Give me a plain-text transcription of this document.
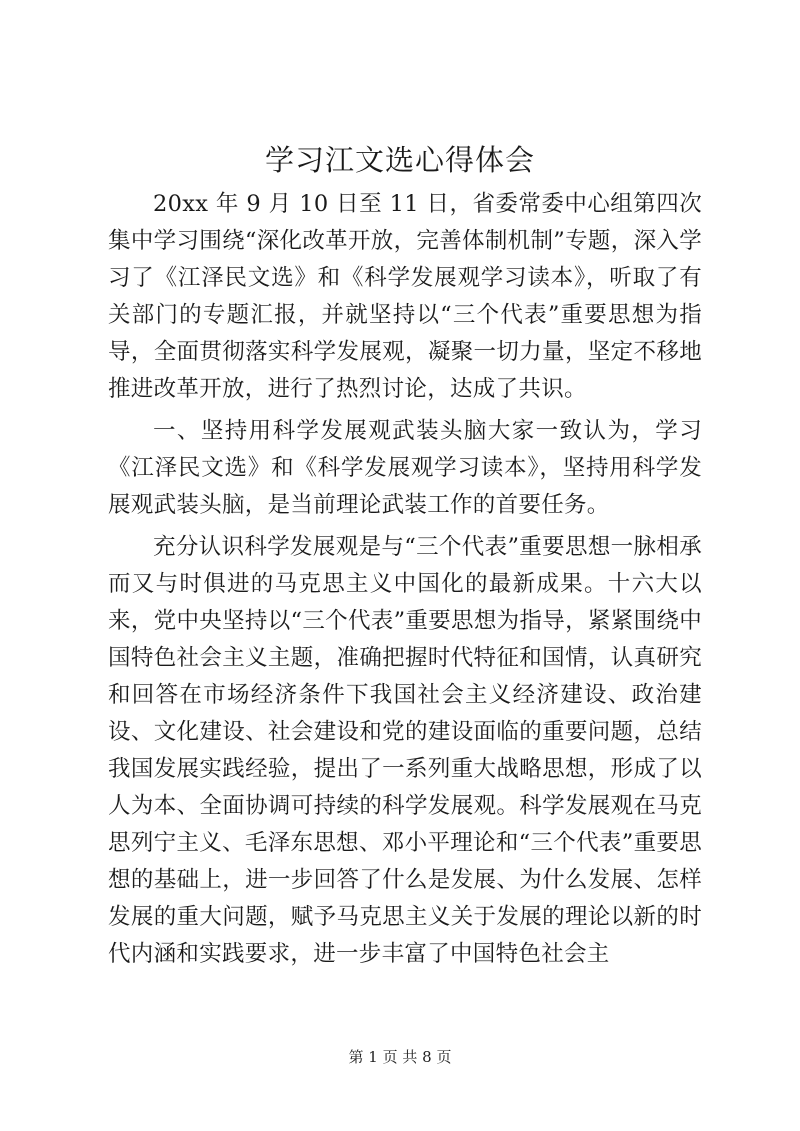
学习江文选心得体会

20xx 年 9 月 10 日至 11 日，省委常委中心组第四次集中学习围绕“深化改革开放，完善体制机制”专题，深入学习了《江泽民文选》和《科学发展观学习读本》，听取了有关部门的专题汇报，并就坚持以“三个代表”重要思想为指导，全面贯彻落实科学发展观，凝聚一切力量，坚定不移地推进改革开放，进行了热烈讨论，达成了共识。

一、坚持用科学发展观武装头脑大家一致认为，学习《江泽民文选》和《科学发展观学习读本》，坚持用科学发展观武装头脑，是当前理论武装工作的首要任务。

充分认识科学发展观是与“三个代表”重要思想一脉相承而又与时俱进的马克思主义中国化的最新成果。十六大以来，党中央坚持以“三个代表”重要思想为指导，紧紧围绕中国特色社会主义主题，准确把握时代特征和国情，认真研究和回答在市场经济条件下我国社会主义经济建设、政治建设、文化建设、社会建设和党的建设面临的重要问题，总结我国发展实践经验，提出了一系列重大战略思想，形成了以人为本、全面协调可持续的科学发展观。科学发展观在马克思列宁主义、毛泽东思想、邓小平理论和“三个代表”重要思想的基础上，进一步回答了什么是发展、为什么发展、怎样发展的重大问题，赋予马克思主义关于发展的理论以新的时代内涵和实践要求，进一步丰富了中国特色社会主

第 1 页 共 8 页
